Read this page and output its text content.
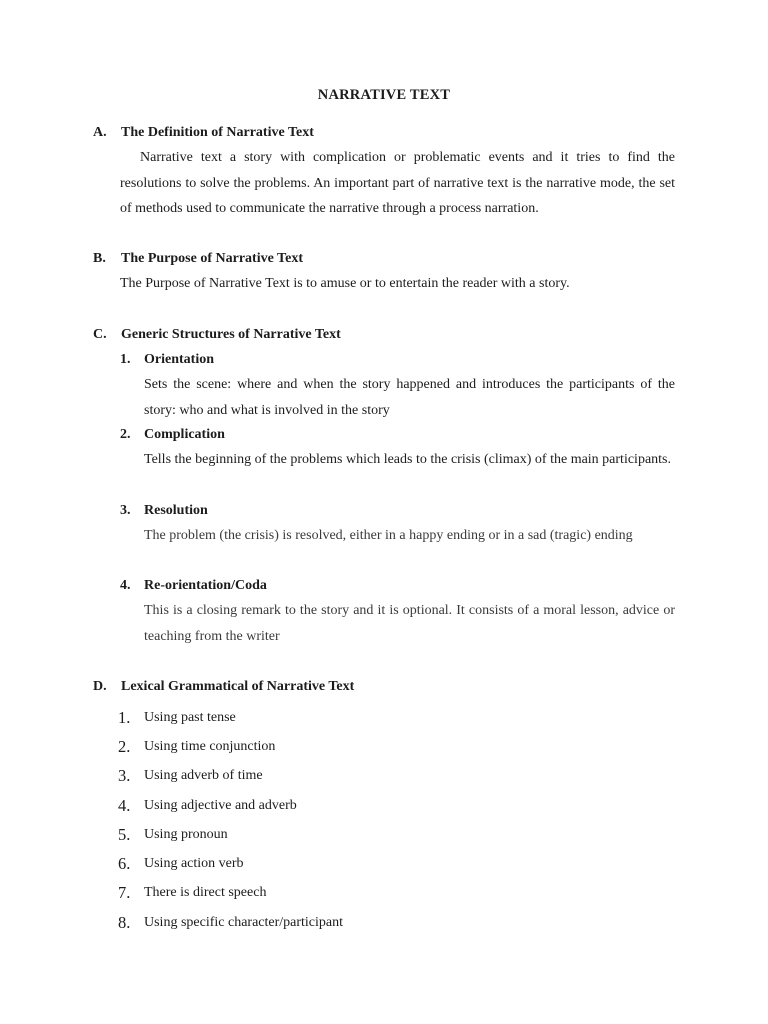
NARRATIVE TEXT
A. The Definition of Narrative Text
Narrative text a story with complication or problematic events and it tries to find the resolutions to solve the problems. An important part of narrative text is the narrative mode, the set of methods used to communicate the narrative through a process narration.
B. The Purpose of Narrative Text
The Purpose of Narrative Text is to amuse or to entertain the reader with a story.
C. Generic Structures of Narrative Text
1. Orientation
Sets the scene: where and when the story happened and introduces the participants of the story: who and what is involved in the story
2. Complication
Tells the beginning of the problems which leads to the crisis (climax) of the main participants.
3. Resolution
The problem (the crisis) is resolved, either in a happy ending or in a sad (tragic) ending
4. Re-orientation/Coda
This is a closing remark to the story and it is optional. It consists of a moral lesson, advice or teaching from the writer
D. Lexical Grammatical of Narrative Text
1. Using past tense
2. Using time conjunction
3. Using adverb of time
4. Using adjective and adverb
5. Using pronoun
6. Using action verb
7. There is direct speech
8. Using specific character/participant
